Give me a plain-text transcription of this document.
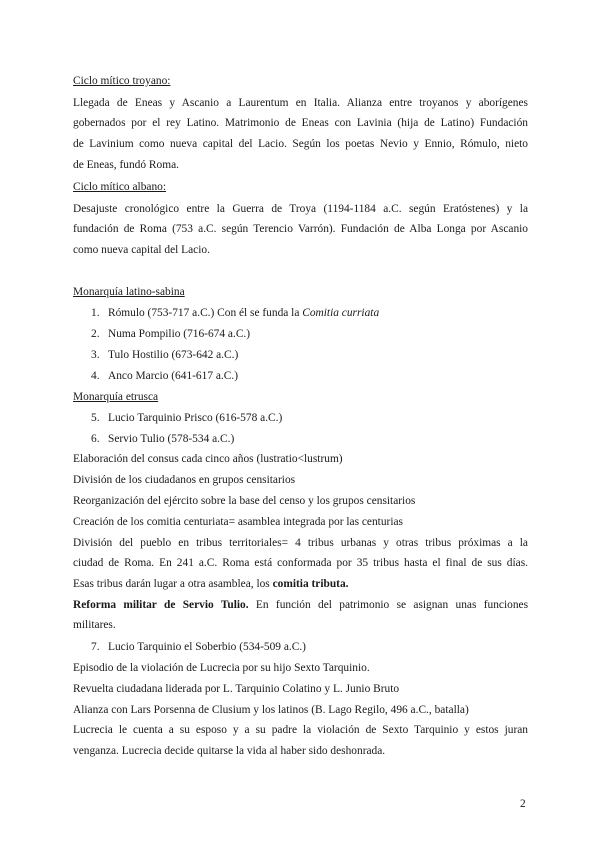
Ciclo mítico troyano:
Llegada de Eneas y Ascanio a Laurentum en Italia. Alianza entre troyanos y aborígenes
gobernados por el rey Latino. Matrimonio de Eneas con Lavinia (hija de Latino) Fundación
de Lavinium como nueva capital del Lacio. Según los poetas Nevio y Ennio, Rómulo, nieto
de Eneas, fundó Roma.
Ciclo mítico albano:
Desajuste cronológico entre la Guerra de Troya (1194-1184 a.C. según Eratóstenes) y la
fundación de Roma (753 a.C. según Terencio Varrón). Fundación de Alba Longa por Ascanio
como nueva capital del Lacio.
Monarquía latino-sabina
1. Rómulo (753-717 a.C.) Con él se funda la Comitia curriata
2. Numa Pompilio (716-674 a.C.)
3. Tulo Hostilio (673-642 a.C.)
4. Anco Marcio (641-617 a.C.)
Monarquía etrusca
5. Lucio Tarquinio Prisco (616-578 a.C.)
6. Servio Tulio (578-534 a.C.)
Elaboración del consus cada cinco años (lustratio<lustrum)
División de los ciudadanos en grupos censitarios
Reorganización del ejército sobre la base del censo y los grupos censitarios
Creación de los comitia centuriata= asamblea integrada por las centurias
División del pueblo en tribus territoriales= 4 tribus urbanas y otras tribus próximas a la
ciudad de Roma. En 241 a.C. Roma está conformada por 35 tribus hasta el final de sus días.
Esas tribus darán lugar a otra asamblea, los comitia tributa.
Reforma militar de Servio Tulio. En función del patrimonio se asignan unas funciones
militares.
7. Lucio Tarquinio el Soberbio (534-509 a.C.)
Episodio de la violación de Lucrecia por su hijo Sexto Tarquinio.
Revuelta ciudadana liderada por L. Tarquinio Colatino y L. Junio Bruto
Alianza con Lars Porsenna de Clusium y los latinos (B. Lago Regilo, 496 a.C., batalla)
Lucrecia le cuenta a su esposo y a su padre la violación de Sexto Tarquinio y estos juran
venganza. Lucrecia decide quitarse la vida al haber sido deshonrada.
2
